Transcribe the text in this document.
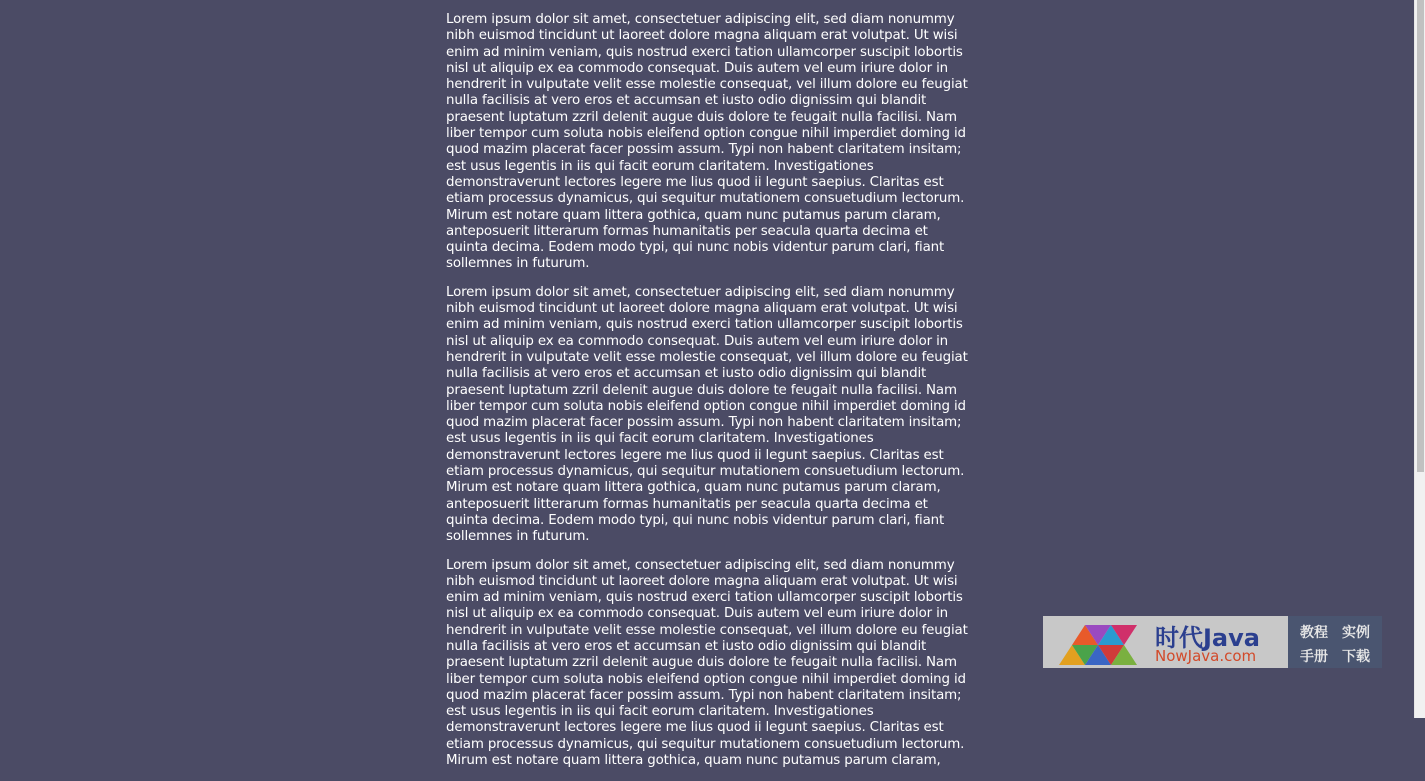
Lorem ipsum dolor sit amet, consectetuer adipiscing elit, sed diam nonummy nibh euismod tincidunt ut laoreet dolore magna aliquam erat volutpat. Ut wisi enim ad minim veniam, quis nostrud exerci tation ullamcorper suscipit lobortis nisl ut aliquip ex ea commodo consequat. Duis autem vel eum iriure dolor in hendrerit in vulputate velit esse molestie consequat, vel illum dolore eu feugiat nulla facilisis at vero eros et accumsan et iusto odio dignissim qui blandit praesent luptatum zzril delenit augue duis dolore te feugait nulla facilisi. Nam liber tempor cum soluta nobis eleifend option congue nihil imperdiet doming id quod mazim placerat facer possim assum. Typi non habent claritatem insitam; est usus legentis in iis qui facit eorum claritatem. Investigationes demonstraverunt lectores legere me lius quod ii legunt saepius. Claritas est etiam processus dynamicus, qui sequitur mutationem consuetudium lectorum. Mirum est notare quam littera gothica, quam nunc putamus parum claram, anteposuerit litterarum formas humanitatis per seacula quarta decima et quinta decima. Eodem modo typi, qui nunc nobis videntur parum clari, fiant sollemnes in futurum.

Lorem ipsum dolor sit amet, consectetuer adipiscing elit, sed diam nonummy nibh euismod tincidunt ut laoreet dolore magna aliquam erat volutpat. Ut wisi enim ad minim veniam, quis nostrud exerci tation ullamcorper suscipit lobortis nisl ut aliquip ex ea commodo consequat. Duis autem vel eum iriure dolor in hendrerit in vulputate velit esse molestie consequat, vel illum dolore eu feugiat nulla facilisis at vero eros et accumsan et iusto odio dignissim qui blandit praesent luptatum zzril delenit augue duis dolore te feugait nulla facilisi. Nam liber tempor cum soluta nobis eleifend option congue nihil imperdiet doming id quod mazim placerat facer possim assum. Typi non habent claritatem insitam; est usus legentis in iis qui facit eorum claritatem. Investigationes demonstraverunt lectores legere me lius quod ii legunt saepius. Claritas est etiam processus dynamicus, qui sequitur mutationem consuetudium lectorum. Mirum est notare quam littera gothica, quam nunc putamus parum claram, anteposuerit litterarum formas humanitatis per seacula quarta decima et quinta decima. Eodem modo typi, qui nunc nobis videntur parum clari, fiant sollemnes in futurum.

Lorem ipsum dolor sit amet, consectetuer adipiscing elit, sed diam nonummy nibh euismod tincidunt ut laoreet dolore magna aliquam erat volutpat. Ut wisi enim ad minim veniam, quis nostrud exerci tation ullamcorper suscipit lobortis nisl ut aliquip ex ea commodo consequat. Duis autem vel eum iriure dolor in hendrerit in vulputate velit esse molestie consequat, vel illum dolore eu feugiat nulla facilisis at vero eros et accumsan et iusto odio dignissim qui blandit praesent luptatum zzril delenit augue duis dolore te feugait nulla facilisi. Nam liber tempor cum soluta nobis eleifend option congue nihil imperdiet doming id quod mazim placerat facer possim assum. Typi non habent claritatem insitam; est usus legentis in iis qui facit eorum claritatem. Investigationes demonstraverunt lectores legere me lius quod ii legunt saepius. Claritas est etiam processus dynamicus, qui sequitur mutationem consuetudium lectorum. Mirum est notare quam littera gothica, quam nunc putamus parum claram,

时代Java
NowJava.com
教程 实例
手册 下载
